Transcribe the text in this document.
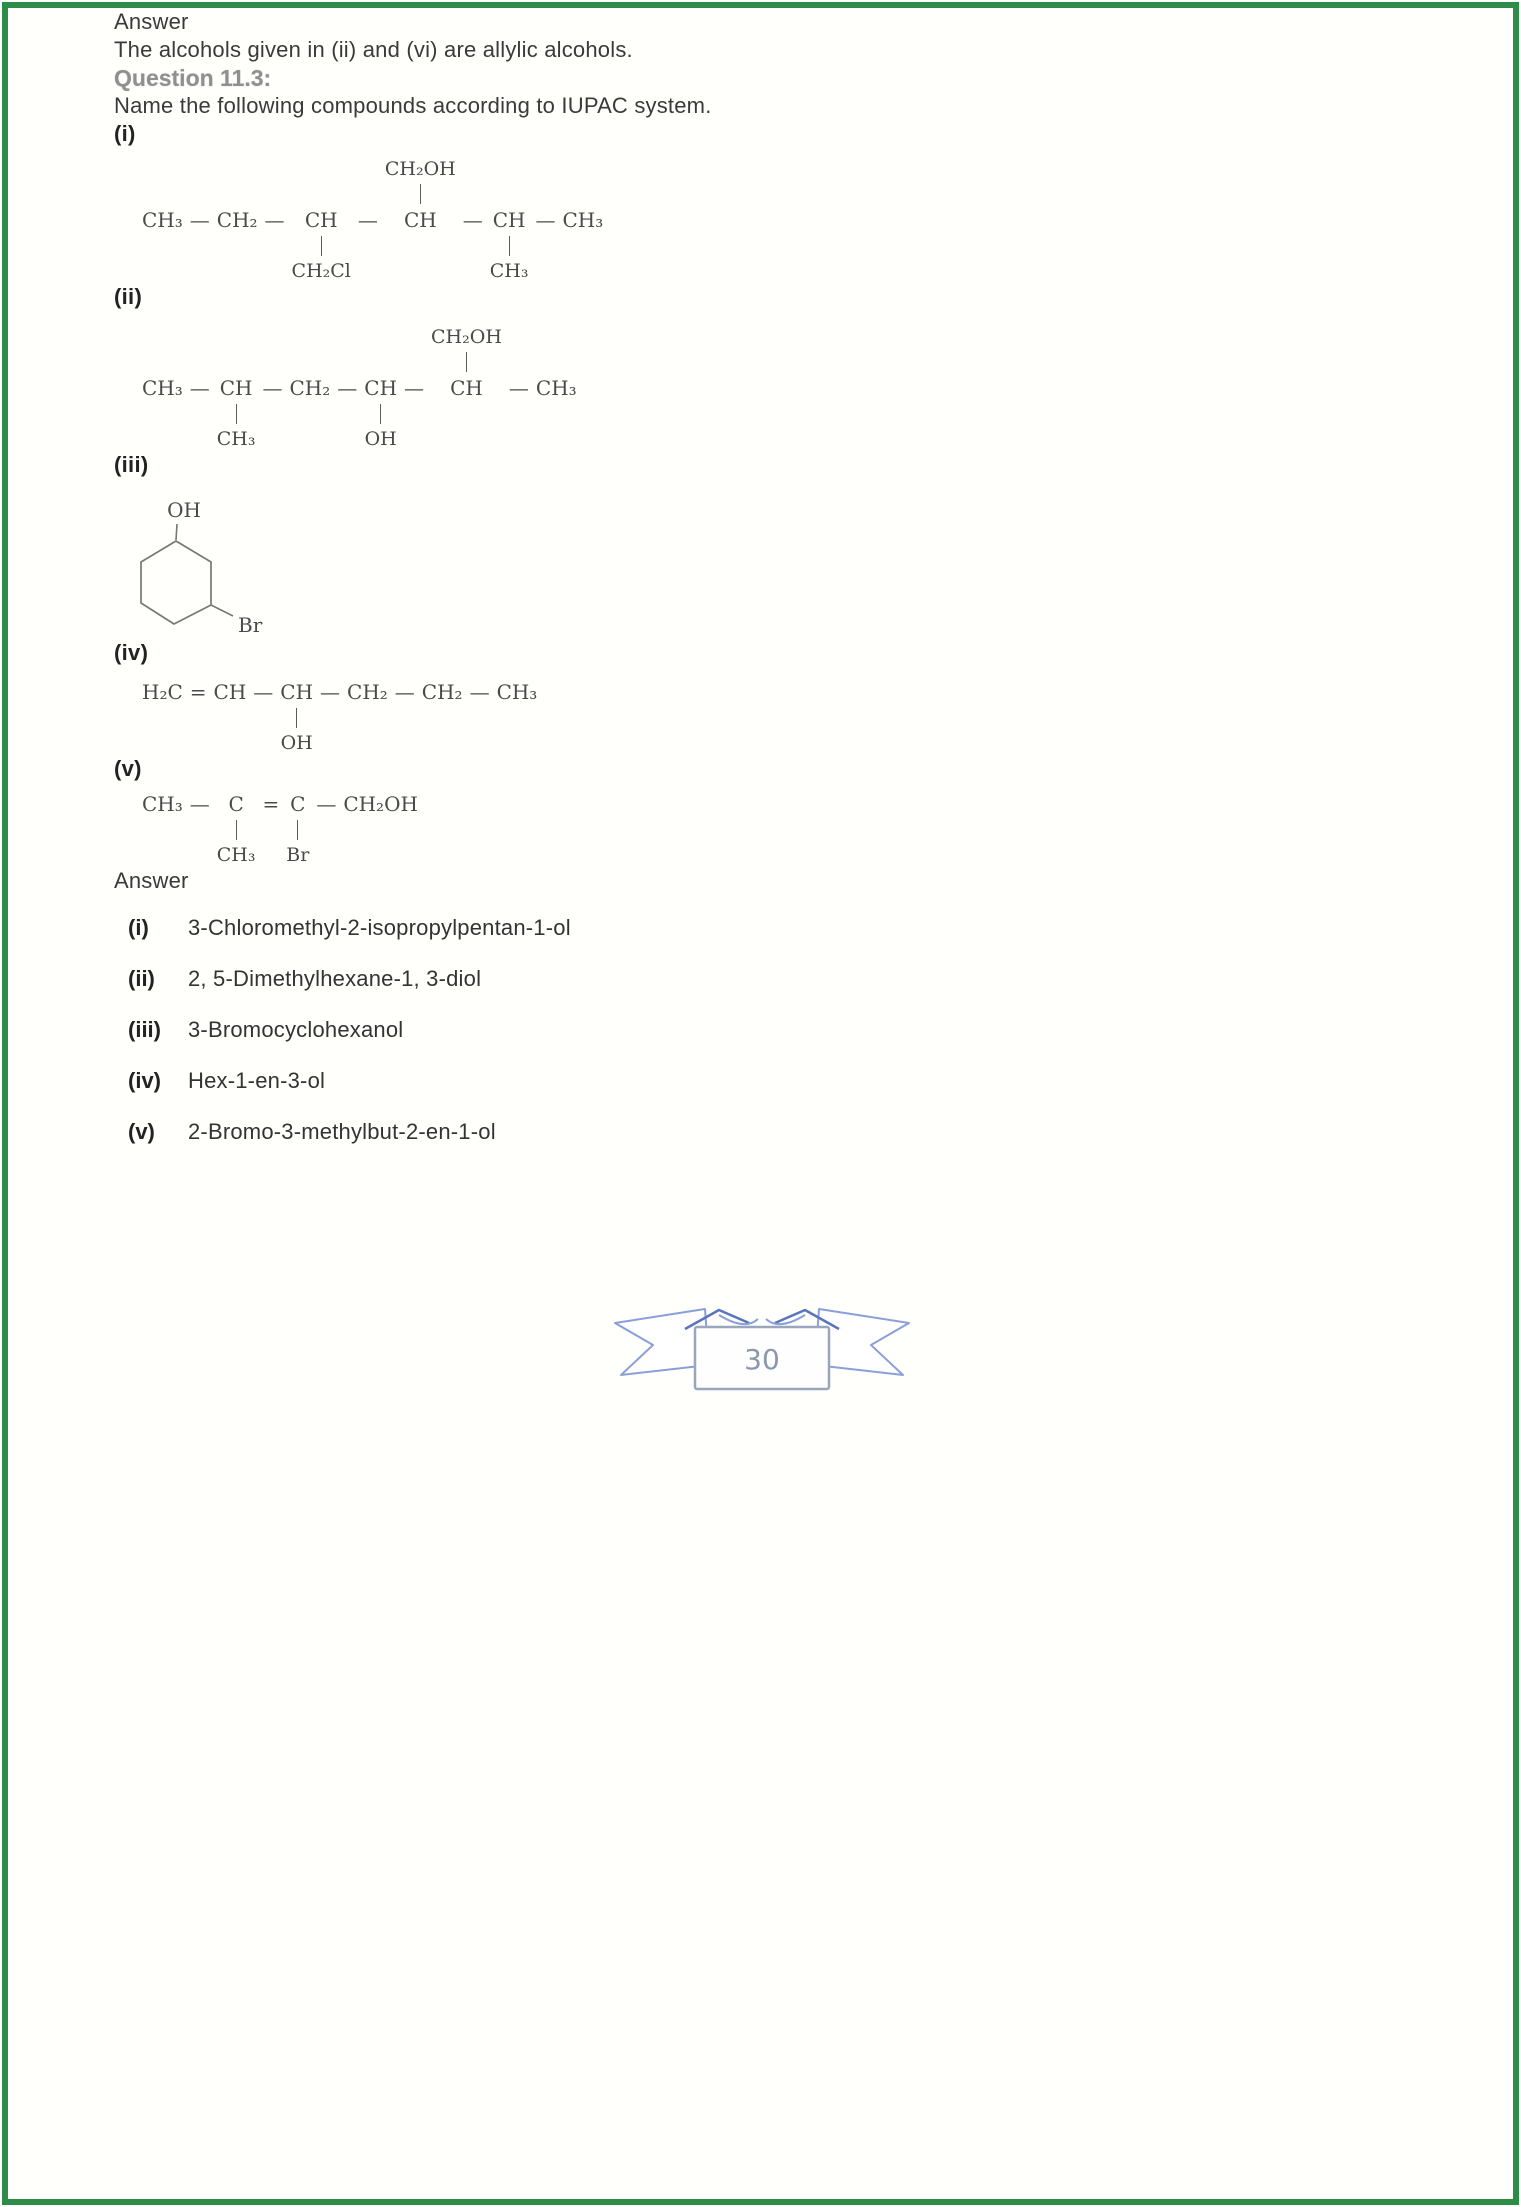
Answer

The alcohols given in (ii) and (vi) are allylic alcohols.

Question 11.3:

Name the following compounds according to IUPAC system.

(i)

CH₃ — CH₂ —	CH
CH₂Cl
—
CH₂OH
CH	— CH
CH₃
— CH₃

(ii)

CH₃ — CH
CH₃
— CH₂ — CH
OH
—
CH₂OH
CH	— CH₃

(iii)

OH
Br

(iv)

H₂C = CH — CH
OH
— CH₂ — CH₂ — CH₃

(v)

CH₃ — C
CH₃
= C
Br
— CH₂OH

Answer

(i) 3-Chloromethyl-2-isopropylpentan-1-ol
(ii) 2, 5-Dimethylhexane-1, 3-diol
(iii) 3-Bromocyclohexanol
(iv) Hex-1-en-3-ol
(v) 2-Bromo-3-methylbut-2-en-1-ol
30
